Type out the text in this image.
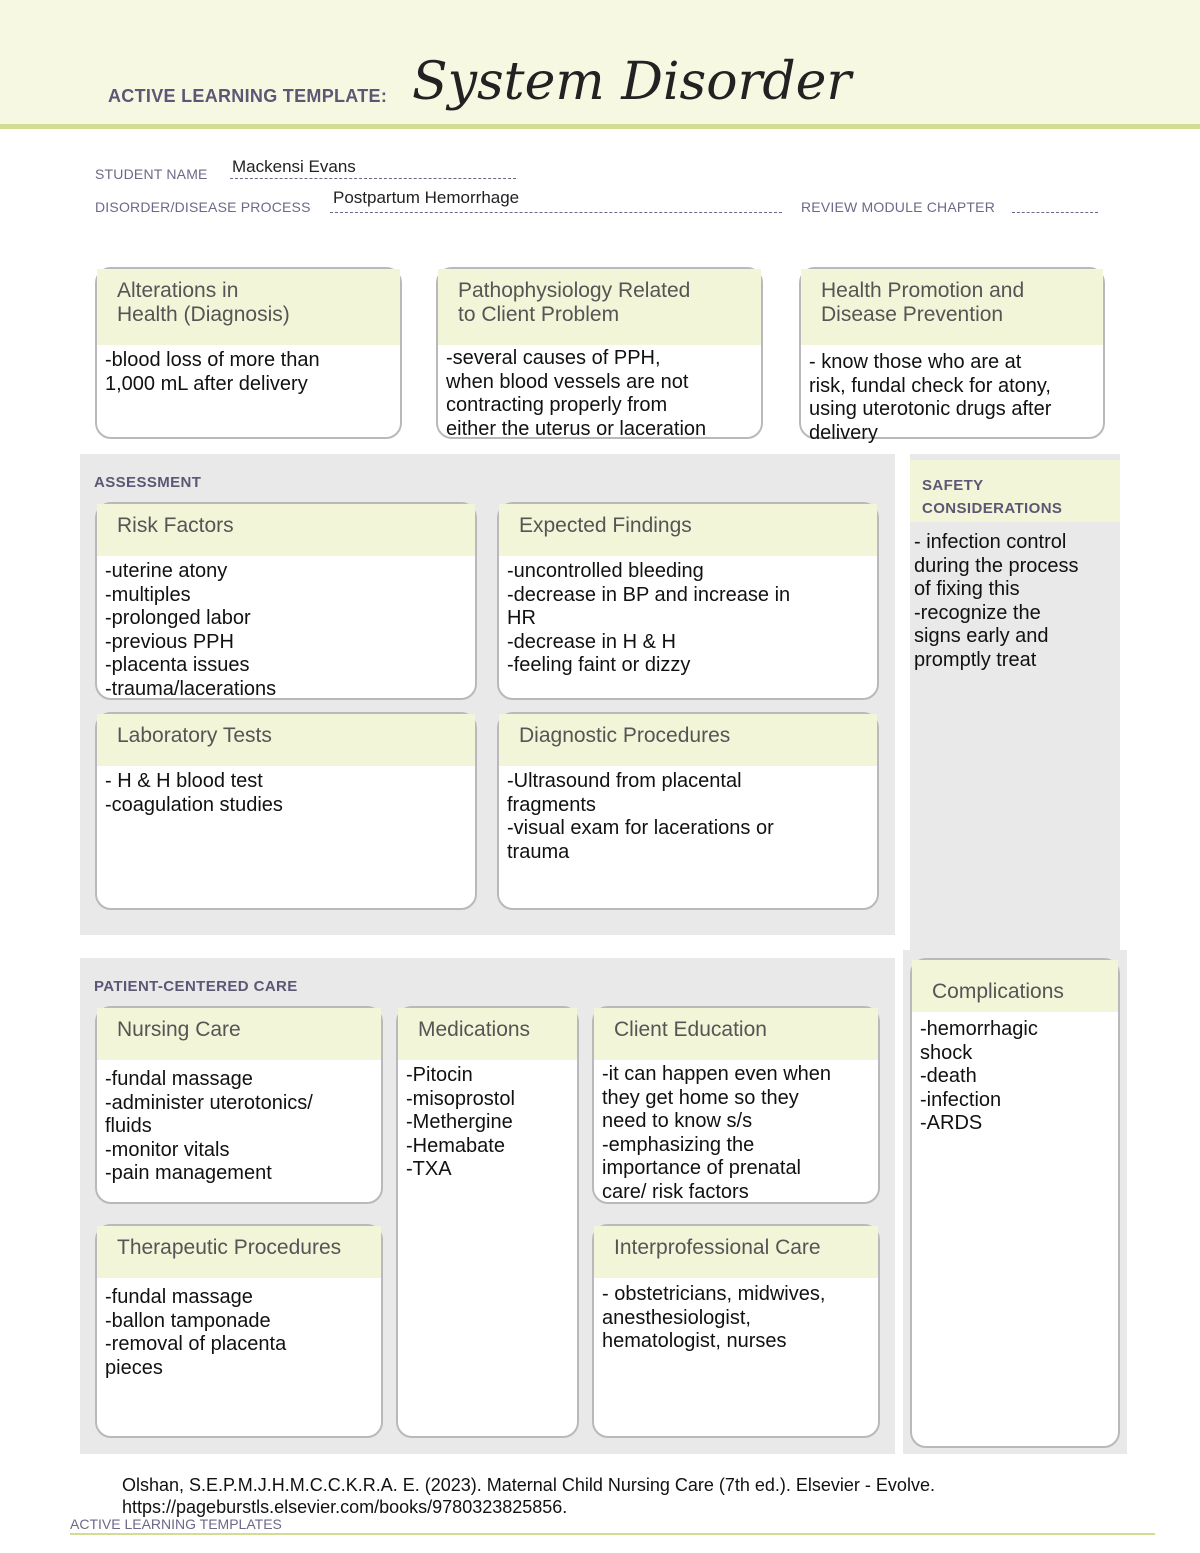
ACTIVE LEARNING TEMPLATE: System Disorder
STUDENT NAME Mackensi Evans
DISORDER/DISEASE PROCESS Postpartum Hemorrhage	REVIEW MODULE CHAPTER
Alterations in
Health (Diagnosis)
-blood loss of more than
1,000 mL after delivery
Pathophysiology Related
to Client Problem
-several causes of PPH,
when blood vessels are not
contracting properly from
either the uterus or laceration
Health Promotion and
Disease Prevention
- know those who are at
risk, fundal check for atony,
using uterotonic drugs after
delivery
ASSESSMENT
Risk Factors
-uterine atony
-multiples
-prolonged labor
-previous PPH
-placenta issues
-trauma/lacerations
Expected Findings
-uncontrolled bleeding
-decrease in BP and increase in
HR
-decrease in H & H
-feeling faint or dizzy
Laboratory Tests
- H & H blood test
-coagulation studies
Diagnostic Procedures
-Ultrasound from placental
fragments
-visual exam for lacerations or
trauma
SAFETY
CONSIDERATIONS
- infection control
during the process
of fixing this
-recognize the
signs early and
promptly treat
PATIENT-CENTERED CARE
Nursing Care
-fundal massage
-administer uterotonics/
fluids
-monitor vitals
-pain management
Medications
-Pitocin
-misoprostol
-Methergine
-Hemabate
-TXA
Client Education
-it can happen even when
they get home so they
need to know s/s
-emphasizing the
importance of prenatal
care/ risk factors
Therapeutic Procedures
-fundal massage
-ballon tamponade
-removal of placenta
pieces
Interprofessional Care
- obstetricians, midwives,
anesthesiologist,
hematologist, nurses
Complications
-hemorrhagic
shock
-death
-infection
-ARDS
Olshan, S.E.P.M.J.H.M.C.C.K.R.A. E. (2023). Maternal Child Nursing Care (7th ed.). Elsevier - Evolve.
https://pageburstls.elsevier.com/books/9780323825856.
ACTIVE LEARNING TEMPLATES
